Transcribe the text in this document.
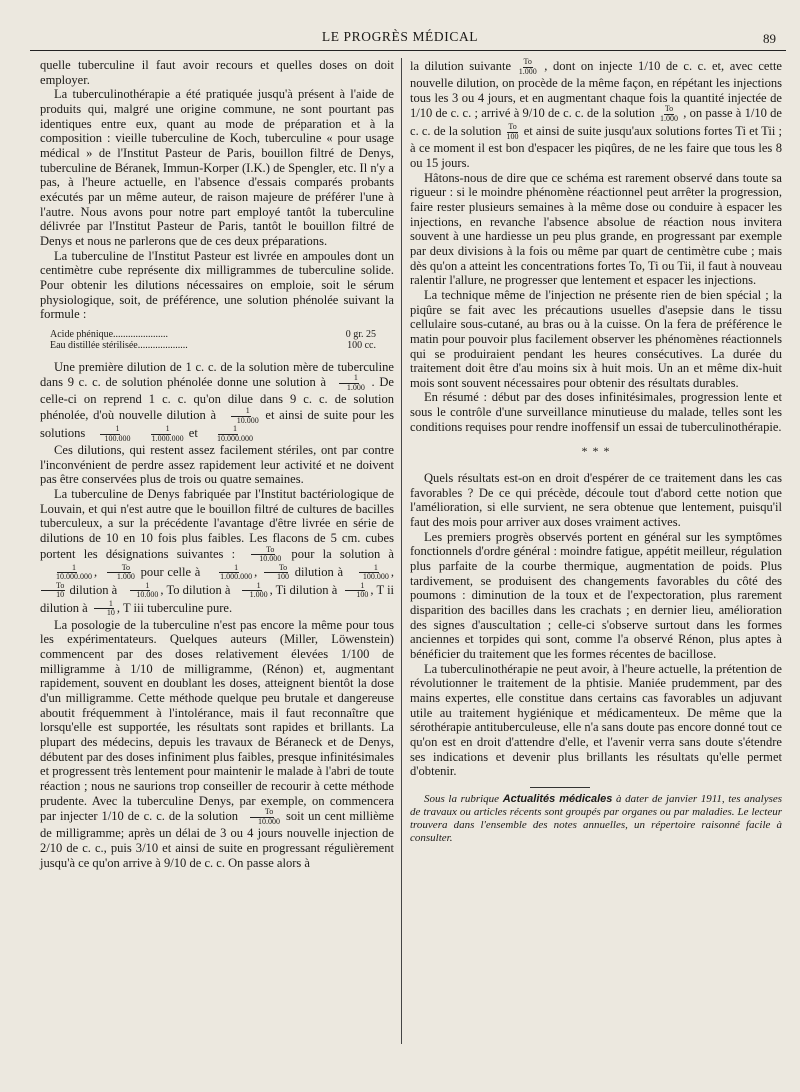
LE PROGRÈS MÉDICAL	89

quelle tuberculine il faut avoir recours et quelles doses on doit employer.

La tuberculinothérapie a été pratiquée jusqu'à présent à l'aide de produits qui, malgré une origine commune, ne sont pourtant pas identiques entre eux, quant au mode de préparation et à la composition : vieille tuberculine de Koch, tuberculine « pour usage médical » de l'Institut Pasteur de Paris, bouillon filtré de Denys, tuberculine de Béranek, Immun-Korper (I.K.) de Spengler, etc. Il n'y a pas, à l'heure actuelle, en l'absence d'essais comparés probants exécutés par un même auteur, de raison majeure de préférer l'une à l'autre. Nous avons pour notre part employé tantôt la tuberculine délivrée par l'Institut Pasteur de Paris, tantôt le bouillon filtré de Denys et nous ne parlerons que de ces deux préparations.

La tuberculine de l'Institut Pasteur est livrée en ampoules dont un centimètre cube représente dix milligrammes de tuberculine solide. Pour obtenir les dilutions nécessaires on emploie, soit le sérum physiologique, soit, de préférence, une solution phénolée suivant la formule :

Acide phénique......................	0 gr. 25
Eau distillée stérilisée....................	100 cc.

Une première dilution de 1 c. c. de la solution mère de tuberculine dans 9 c. c. de solution phénolée donne une solution à $\frac{1}{1.000}$ . De celle-ci on reprend 1 c. c. qu'on dilue dans 9 c. c. de solution phénolée, d'où nouvelle dilution à $\frac{1}{10.000}$ et ainsi de suite pour les solutions $\frac{1}{100.000}$
$\frac{1}{1.000.000}$ et $\frac{1}{10.000.000}$

Ces dilutions, qui restent assez facilement stériles, ont par contre l'inconvénient de perdre assez rapidement leur activité et ne doivent pas être conservées plus de trois ou quatre semaines.

La tuberculine de Denys fabriquée par l'Institut bactériologique de Louvain, et qui n'est autre que le bouillon filtré de cultures de bacilles tuberculeux, a sur la précédente l'avantage d'être livrée en série de dilutions de 10 en 10 fois plus faibles. Les flacons de 5 cm. cubes portent les désignations suivantes : $\frac{To}{10.000}$ pour la solution à
$\frac{1}{10.000.000}$ , $\frac{To}{1.000}$ pour celle à $\frac{1}{1.000.000}$ , $\frac{To}{100}$ dilution à $\frac{1}{100.000}$ ,
$\frac{To}{10}$ dilution à $\frac{1}{10.000}$ , To dilution à $\frac{1}{1.000}$ , Ti dilution à $\frac{1}{100}$ , T ii dilution à $\frac{1}{10}$ , T iii tuberculine pure.

La posologie de la tuberculine n'est pas encore la même pour tous les expérimentateurs. Quelques auteurs (Miller, Löwenstein) commencent par des doses relativement élevées 1/100 de milligramme à 1/10 de milligramme, (Rénon) et, augmentant rapidement, souvent en doublant les doses, atteignent bientôt la dose d'un milligramme. Cette méthode quelque peu brutale et dangereuse aboutit fréquemment à l'intolérance, mais il faut reconnaître que lorsqu'elle est supportée, les résultats sont rapides et brillants. La plupart des médecins, depuis les travaux de Béraneck et de Denys, débutent par des doses infiniment plus faibles, presque infinitésimales et progressent très lentement pour maintenir le malade à l'abri de toute réaction ; nous ne saurions trop conseiller de recourir à cette méthode prudente. Avec la tuberculine Denys, par exemple, on commencera par injecter 1/10 de c. c. de la solution $\frac{To}{10.000}$ soit un cent millième de milligramme; après un délai de 3 ou 4 jours nouvelle injection de 2/10 de c. c., puis 3/10 et ainsi de suite en progressant régulièrement jusqu'à ce qu'on arrive à 9/10 de c. c. On passe alors à

la dilution suivante $\frac{To}{1.000}$ , dont on injecte 1/10 de c. c. et, avec cette nouvelle dilution, on procède de la même façon, en répétant les injections tous les 3 ou 4 jours, et en augmentant chaque fois la quantité injectée de 1/10 de c. c. ; arrivé à 9/10 de c. c. de la solution $\frac{To}{1.000}$ , on passe à 1/10 de c. c. de la solution $\frac{To}{100}$ et ainsi de suite jusqu'aux solutions fortes Ti et Tii ; à ce moment il est bon d'espacer les piqûres, de ne les faire que tous les 8 ou 15 jours.

Hâtons-nous de dire que ce schéma est rarement observé dans toute sa rigueur : si le moindre phénomène réactionnel peut arrêter la progression, faire rester plusieurs semaines à la même dose ou conduire à espacer les injections, en revanche l'absence absolue de réaction nous invitera souvent à une hardiesse un peu plus grande, en progressant par exemple par deux divisions à la fois ou même par quart de centimètre cube ; mais dès qu'on a atteint les concentrations fortes To, Ti ou Tii, il faut à nouveau ralentir l'allure, ne progresser que lentement et espacer les injections.

La technique même de l'injection ne présente rien de bien spécial ; la piqûre se fait avec les précautions usuelles d'asepsie dans le tissu cellulaire sous-cutané, au bras ou à la cuisse. On la fera de préférence le matin pour pouvoir plus facilement observer les phénomènes réactionnels qui se produiraient pendant les heures consécutives. La durée du traitement doit être d'au moins six à huit mois. Un an et même dix-huit mois sont souvent nécessaires pour obtenir des résultats durables.

En résumé : début par des doses infinitésimales, progression lente et sous le contrôle d'une surveillance minutieuse du malade, telles sont les conditions requises pour rendre inoffensif un essai de tuberculinothérapie.

* * *

Quels résultats est-on en droit d'espérer de ce traitement dans les cas favorables ? De ce qui précède, découle tout d'abord cette notion que l'amélioration, si elle survient, ne sera obtenue que lentement, puisqu'il faut des mois pour arriver aux doses vraiment actives.

Les premiers progrès observés portent en général sur les symptômes fonctionnels d'ordre général : moindre fatigue, appétit meilleur, régulation plus parfaite de la courbe thermique, augmentation de poids. Plus tardivement, se produisent des changements favorables du côté des poumons : diminution de la toux et de l'expectoration, plus rarement disparition des bacilles dans les crachats ; en dernier lieu, amélioration des signes d'auscultation ; celle-ci s'observe surtout dans les formes anciennes et torpides qui sont, comme l'a observé Rénon, plus aptes à bénéficier du traitement que les formes récentes de bacillose.

La tuberculinothérapie ne peut avoir, à l'heure actuelle, la prétention de révolutionner le traitement de la phtisie. Maniée prudemment, par des mains expertes, elle constitue dans certains cas favorables un adjuvant utile au traitement hygiénique et médicamenteux. De même que la sérothérapie antituberculeuse, elle n'a sans doute pas encore donné tout ce qu'on est en droit d'attendre d'elle, et l'avenir verra sans doute s'étendre ses indications et devenir plus brillants les résultats qu'elle permet d'obtenir.

Sous la rubrique Actualités médicales à dater de janvier 1911, tes analyses de travaux ou articles récents sont groupés par organes ou par maladies. Le lecteur trouvera dans l'ensemble des notes annuelles, un répertoire raisonné facile à consulter.
